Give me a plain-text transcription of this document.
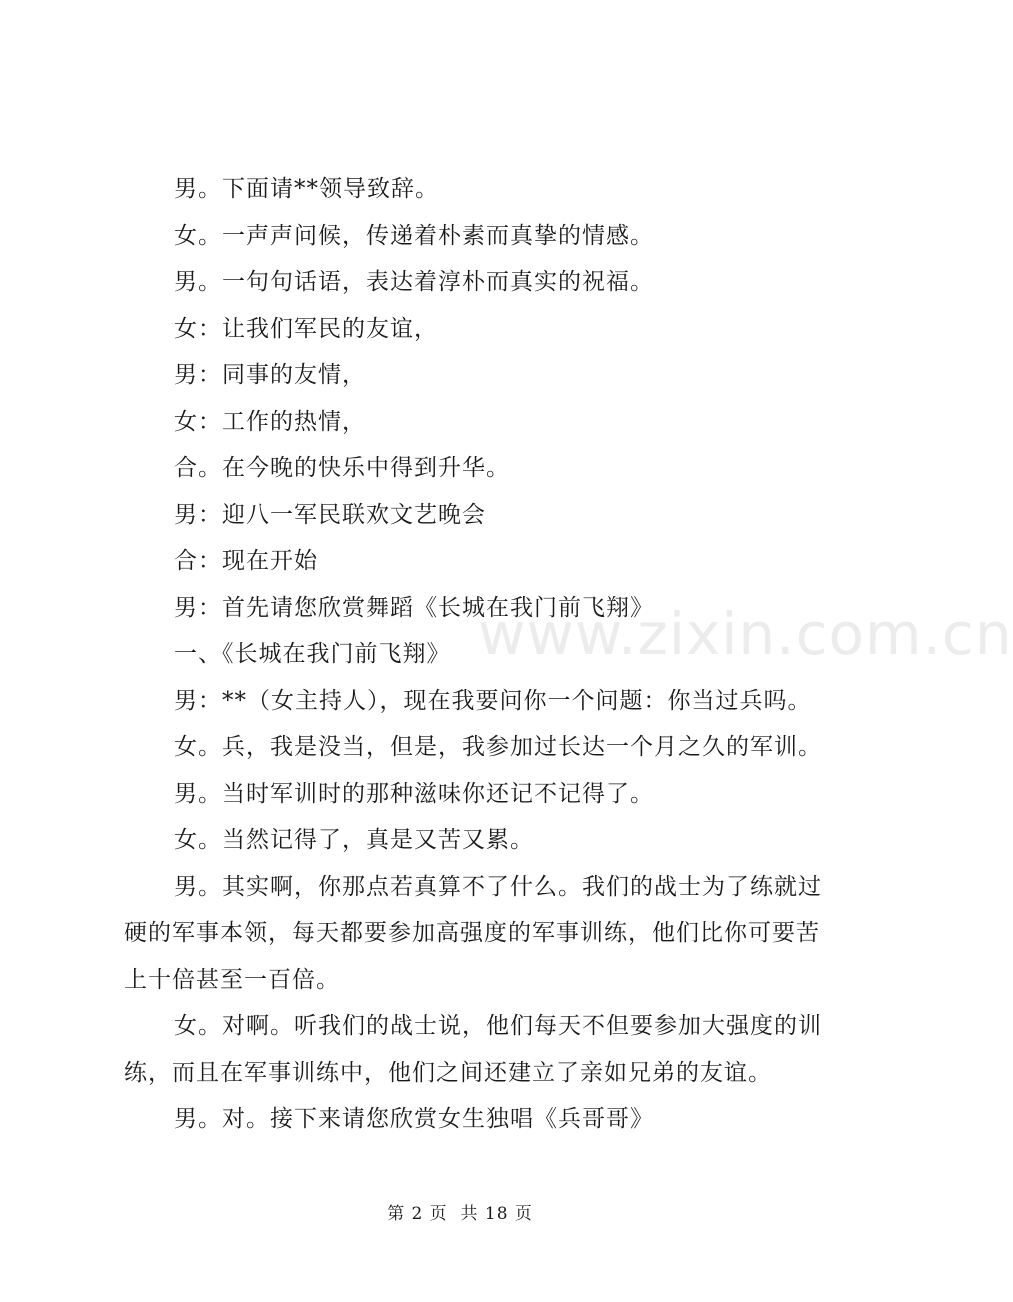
www.zixin.com.cn

男。下面请**领导致辞。

女。一声声问候，传递着朴素而真挚的情感。

男。一句句话语，表达着淳朴而真实的祝福。

女：让我们军民的友谊，

男：同事的友情，

女：工作的热情，

合。在今晚的快乐中得到升华。

男：迎八一军民联欢文艺晚会

合：现在开始

男：首先请您欣赏舞蹈《长城在我门前飞翔》

一、《长城在我门前飞翔》

男：**（女主持人），现在我要问你一个问题：你当过兵吗。

女。兵，我是没当，但是，我参加过长达一个月之久的军训。

男。当时军训时的那种滋味你还记不记得了。

女。当然记得了，真是又苦又累。

男。其实啊，你那点若真算不了什么。我们的战士为了练就过硬的军事本领，每天都要参加高强度的军事训练，他们比你可要苦上十倍甚至一百倍。

女。对啊。听我们的战士说，他们每天不但要参加大强度的训练，而且在军事训练中，他们之间还建立了亲如兄弟的友谊。

男。对。接下来请您欣赏女生独唱《兵哥哥》

第 2 页  共 18 页
